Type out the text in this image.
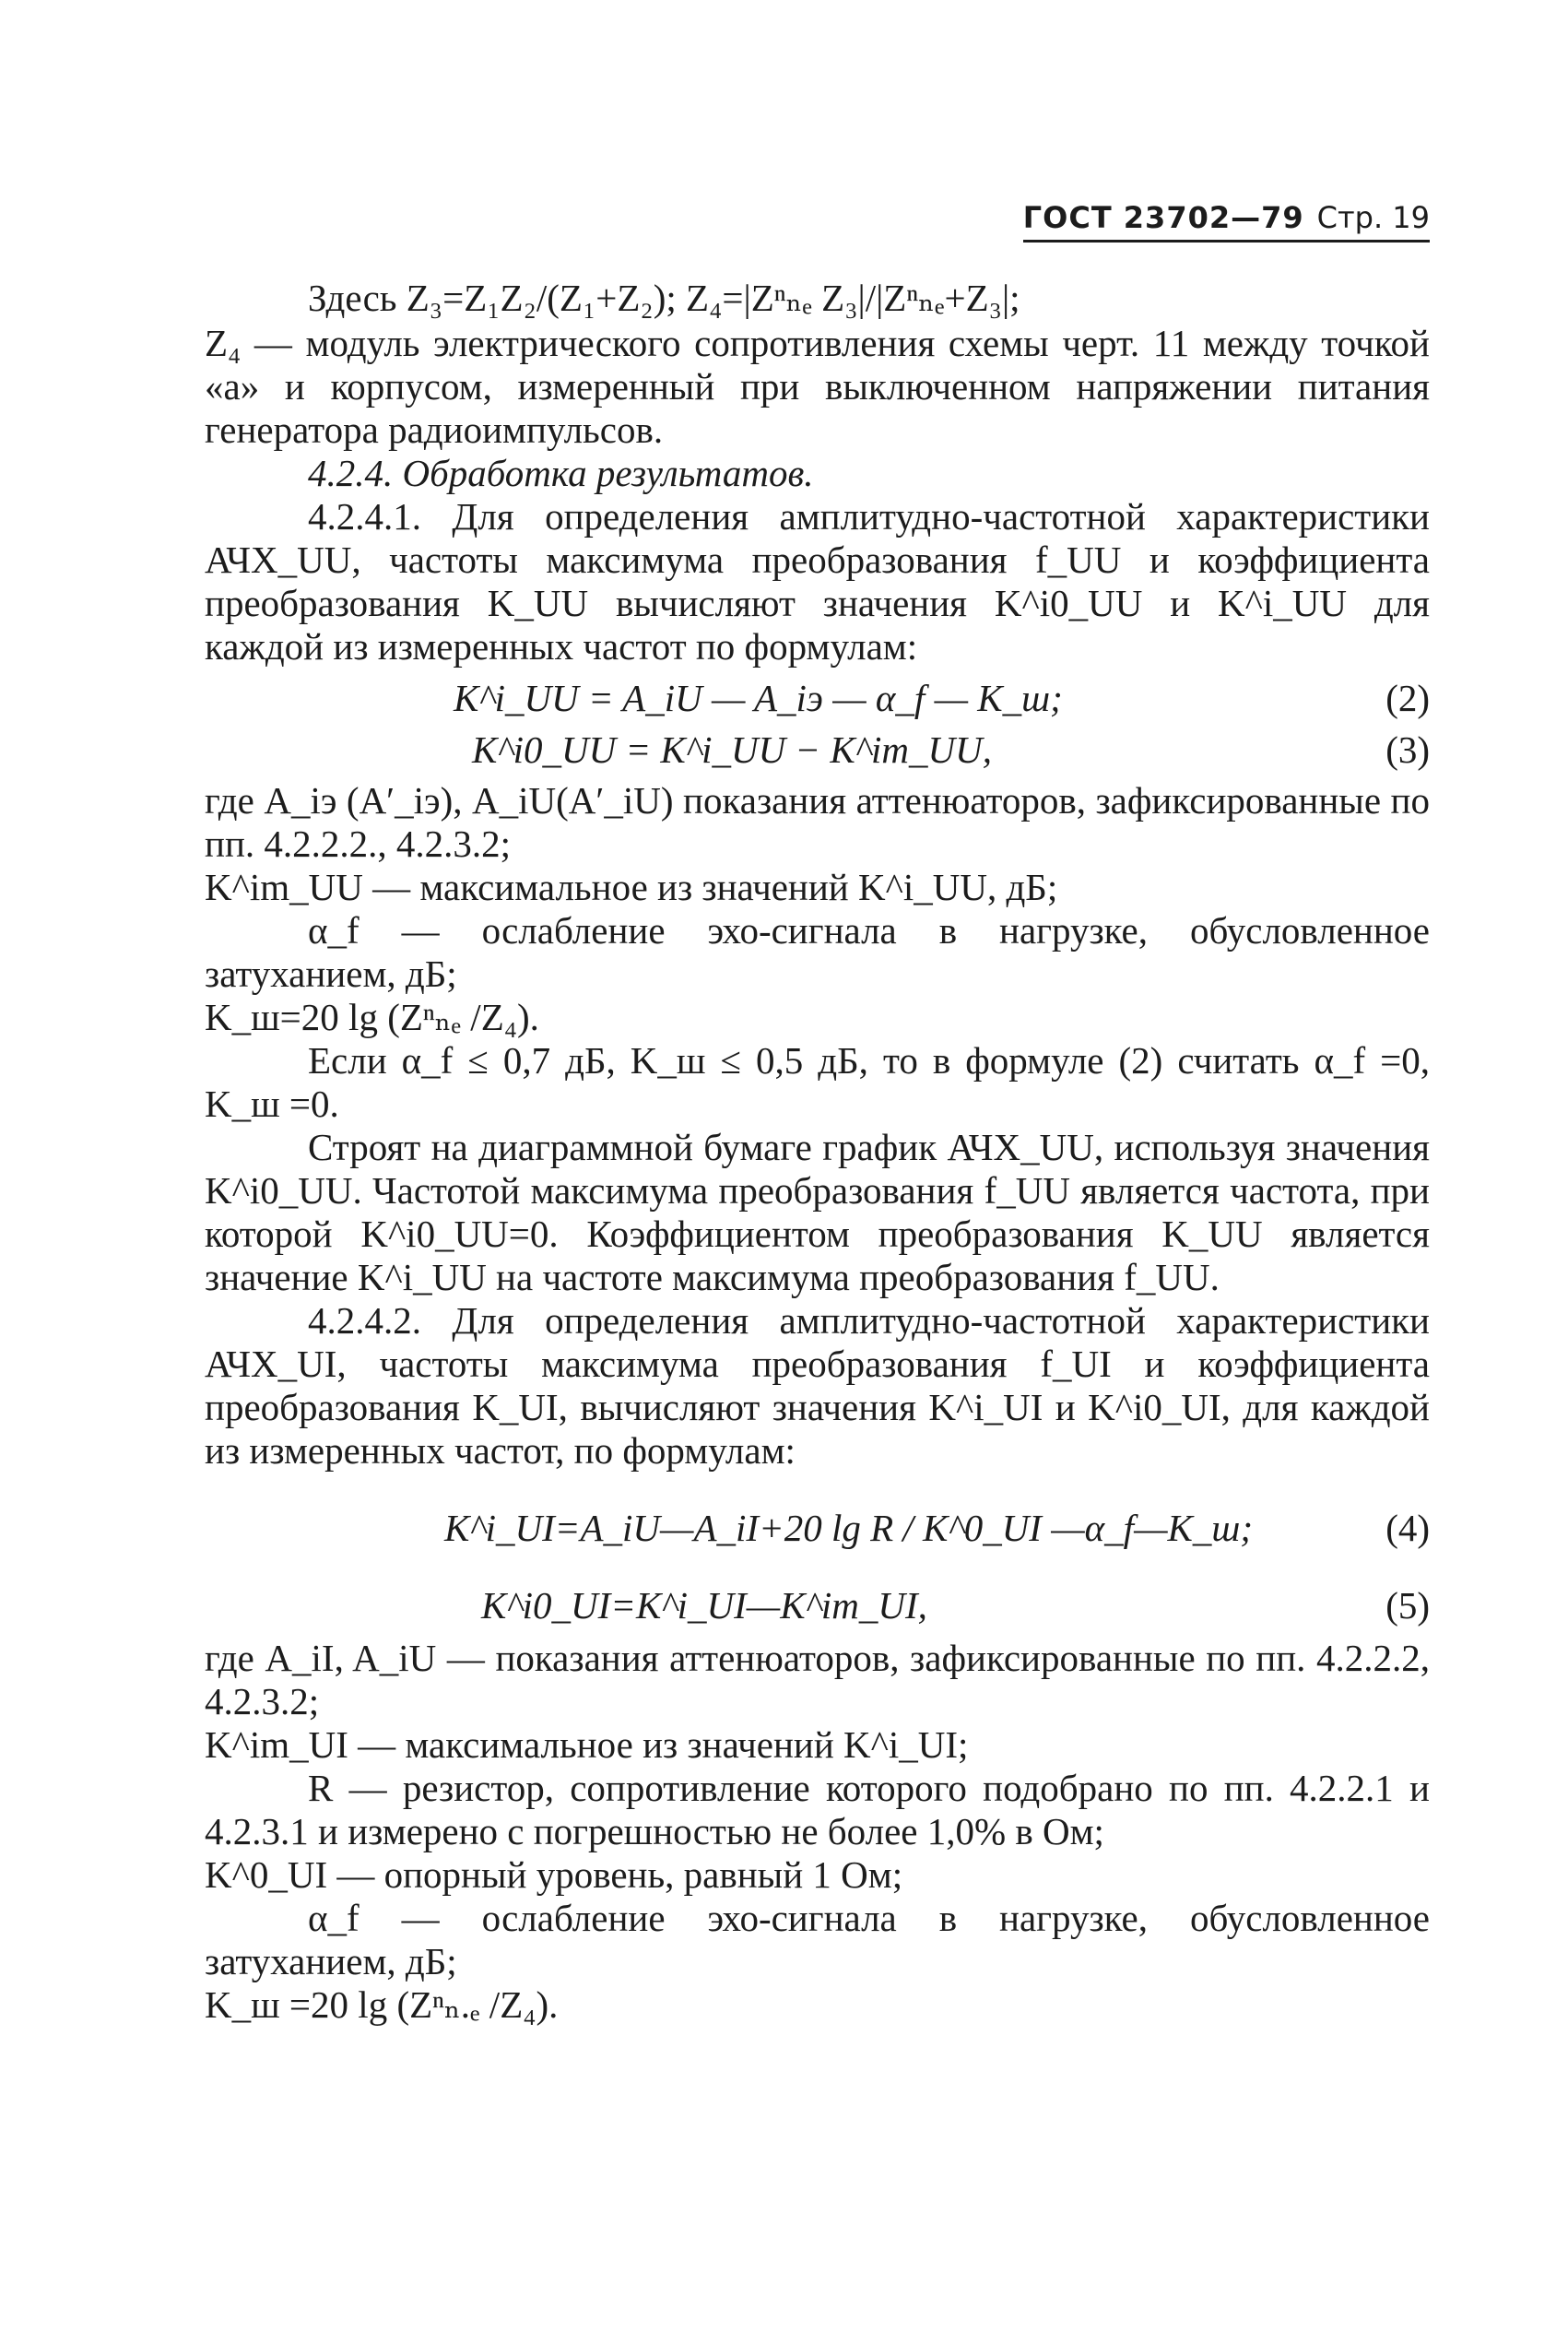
ГОСТ 23702—79 Стр. 19

Здесь Z₃=Z₁Z₂/(Z₁+Z₂); Z₄=|Zⁿₙₑ Z₃|/|Zⁿₙₑ+Z₃|;

Z₄ — модуль электрического сопротивления схемы черт. 11 между точкой «а» и корпусом, измеренный при выключенном напряжении питания генератора радиоимпульсов.

4.2.4. Обработка результатов.

4.2.4.1. Для определения амплитудно-частотной характеристики АЧХ_UU, частоты максимума преобразования f_UU и коэффициента преобразования K_UU вычисляют значения K^i0_UU и K^i_UU для каждой из измеренных частот по формулам:

K^i_UU = A_iU — A_iэ — α_f — K_ш;	(2)
K^i0_UU = K^i_UU − K^im_UU,	(3)

где A_iэ (A′_iэ), A_iU(A′_iU) показания аттенюаторов, зафиксированные по пп. 4.2.2.2., 4.2.3.2;

K^im_UU — максимальное из значений K^i_UU, дБ;

α_f — ослабление эхо-сигнала в нагрузке, обусловленное затуханием, дБ;

K_ш=20 lg (Zⁿₙₑ /Z₄).

Если α_f ≤ 0,7 дБ, K_ш ≤ 0,5 дБ, то в формуле (2) считать α_f =0, K_ш =0.

Строят на диаграммной бумаге график АЧХ_UU, используя значения K^i0_UU. Частотой максимума преобразования f_UU является частота, при которой K^i0_UU=0. Коэффициентом преобразования K_UU является значение K^i_UU на частоте максимума преобразования f_UU.

4.2.4.2. Для определения амплитудно-частотной характеристики АЧХ_UI, частоты максимума преобразования f_UI и коэффициента преобразования K_UI, вычисляют значения K^i_UI и K^i0_UI, для каждой из измеренных частот, по формулам:

K^i_UI=A_iU—A_iI+20 lg R / K^0_UI —α_f—K_ш;	(4)
K^i0_UI=K^i_UI—K^im_UI,	(5)

где A_iI, A_iU — показания аттенюаторов, зафиксированные по пп. 4.2.2.2, 4.2.3.2;

K^im_UI — максимальное из значений K^i_UI;

R — резистор, сопротивление которого подобрано по пп. 4.2.2.1 и 4.2.3.1 и измерено с погрешностью не более 1,0% в Ом;

K^0_UI — опорный уровень, равный 1 Ом;

α_f — ослабление эхо-сигнала в нагрузке, обусловленное затуханием, дБ;

K_ш =20 lg (Zⁿₙ.ₑ /Z₄).
